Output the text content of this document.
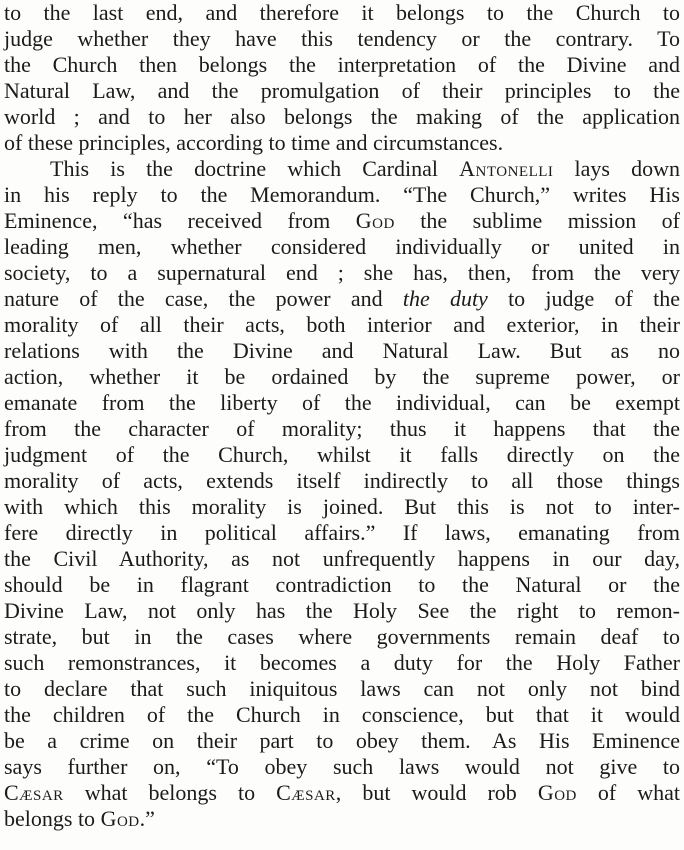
to the last end, and therefore it belongs to the Church to
judge whether they have this tendency or the contrary. To
the Church then belongs the interpretation of the Divine and
Natural Law, and the promulgation of their principles to the
world ; and to her also belongs the making of the application
of these principles, according to time and circumstances.
This is the doctrine which Cardinal Antonelli lays down
in his reply to the Memorandum. “The Church,” writes His
Eminence, “has received from God the sublime mission of
leading men, whether considered individually or united in
society, to a supernatural end ; she has, then, from the very
nature of the case, the power and the duty to judge of the
morality of all their acts, both interior and exterior, in their
relations with the Divine and Natural Law. But as no
action, whether it be ordained by the supreme power, or
emanate from the liberty of the individual, can be exempt
from the character of morality; thus it happens that the
judgment of the Church, whilst it falls directly on the
morality of acts, extends itself indirectly to all those things
with which this morality is joined. But this is not to inter-
fere directly in political affairs.” If laws, emanating from
the Civil Authority, as not unfrequently happens in our day,
should be in flagrant contradiction to the Natural or the
Divine Law, not only has the Holy See the right to remon-
strate, but in the cases where governments remain deaf to
such remonstrances, it becomes a duty for the Holy Father
to declare that such iniquitous laws can not only not bind
the children of the Church in conscience, but that it would
be a crime on their part to obey them. As His Eminence
says further on, “To obey such laws would not give to
Cæsar what belongs to Cæsar, but would rob God of what
belongs to God.”
